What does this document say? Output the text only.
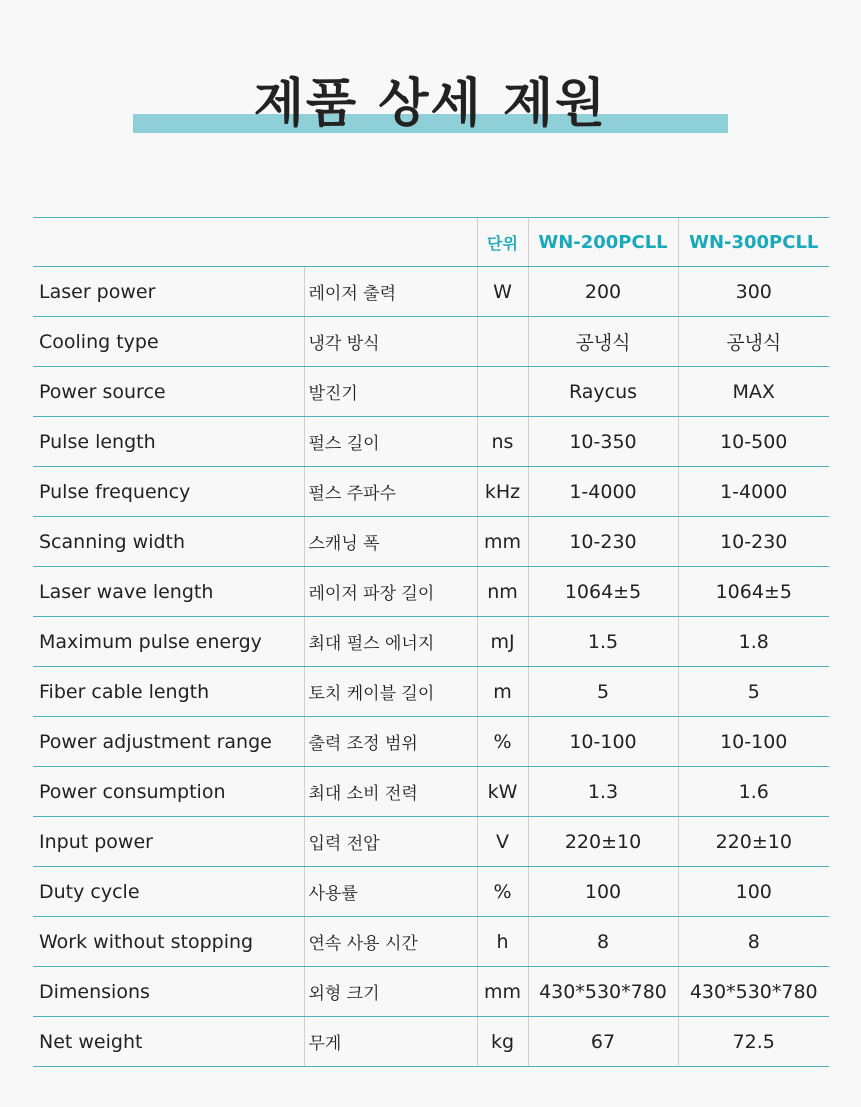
제품 상세 제원
		단위	WN-200PCLL	WN-300PCLL
Laser power	레이저 출력	W	200	300
Cooling type	냉각 방식		공냉식	공냉식
Power source	발진기		Raycus	MAX
Pulse length	펄스 길이	ns	10-350	10-500
Pulse frequency	펄스 주파수	kHz	1-4000	1-4000
Scanning width	스캐닝 폭	mm	10-230	10-230
Laser wave length	레이저 파장 길이	nm	1064±5	1064±5
Maximum pulse energy	최대 펄스 에너지	mJ	1.5	1.8
Fiber cable length	토치 케이블 길이	m	5	5
Power adjustment range	출력 조정 범위	%	10-100	10-100
Power consumption	최대 소비 전력	kW	1.3	1.6
Input power	입력 전압	V	220±10	220±10
Duty cycle	사용률	%	100	100
Work without stopping	연속 사용 시간	h	8	8
Dimensions	외형 크기	mm	430*530*780	430*530*780
Net weight	무게	kg	67	72.5
